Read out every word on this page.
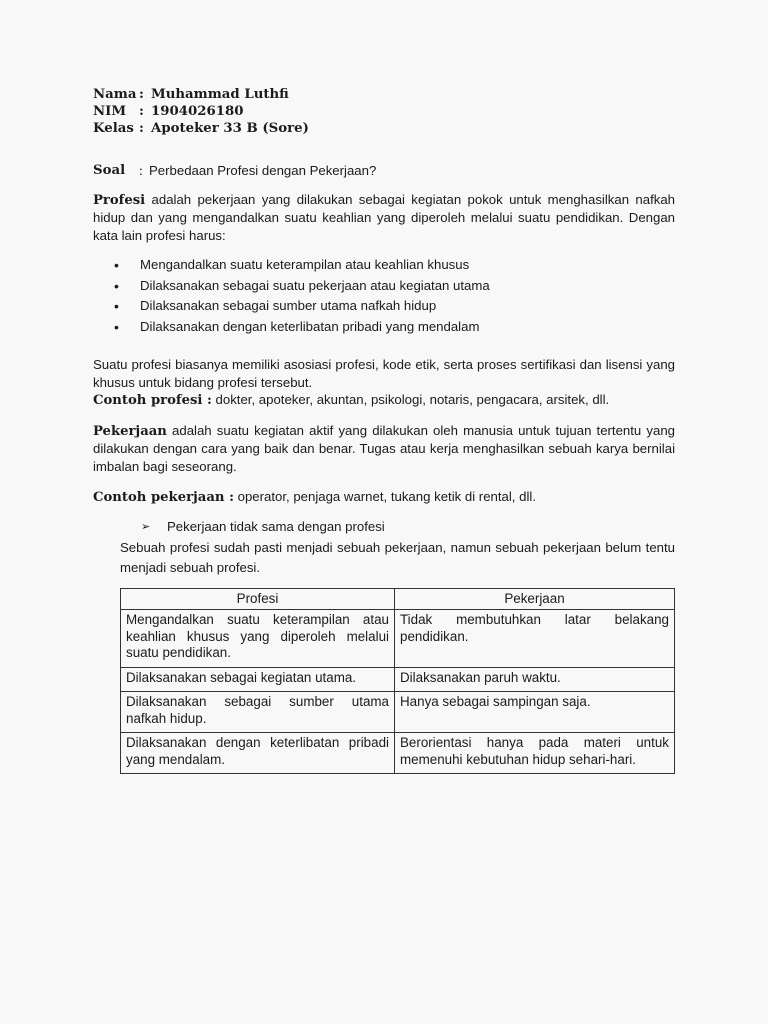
Nama : Muhammad Luthfi
NIM : 1904026180
Kelas : Apoteker 33 B (Sore)
Soal	: Perbedaan Profesi dengan Pekerjaan?

Profesi adalah pekerjaan yang dilakukan sebagai kegiatan pokok untuk menghasilkan nafkah hidup dan yang mengandalkan suatu keahlian yang diperoleh melalui suatu pendidikan. Dengan kata lain profesi harus:

• Mengandalkan suatu keterampilan atau keahlian khusus
• Dilaksanakan sebagai suatu pekerjaan atau kegiatan utama
• Dilaksanakan sebagai sumber utama nafkah hidup
• Dilaksanakan dengan keterlibatan pribadi yang mendalam

Suatu profesi biasanya memiliki asosiasi profesi, kode etik, serta proses sertifikasi dan lisensi yang khusus untuk bidang profesi tersebut.

Contoh profesi : dokter, apoteker, akuntan, psikologi, notaris, pengacara, arsitek, dll.

Pekerjaan adalah suatu kegiatan aktif yang dilakukan oleh manusia untuk tujuan tertentu yang dilakukan dengan cara yang baik dan benar. Tugas atau kerja menghasilkan sebuah karya bernilai imbalan bagi seseorang.

Contoh pekerjaan : operator, penjaga warnet, tukang ketik di rental, dll.
➢ Pekerjaan tidak sama dengan profesi

Sebuah profesi sudah pasti menjadi sebuah pekerjaan, namun sebuah pekerjaan belum tentu menjadi sebuah profesi.

Profesi	Pekerjaan
Mengandalkan suatu keterampilan atau keahlian khusus yang diperoleh melalui suatu pendidikan.	Tidak membutuhkan latar belakang pendidikan.
Dilaksanakan sebagai kegiatan utama.	Dilaksanakan paruh waktu.
Dilaksanakan sebagai sumber utama nafkah hidup.	Hanya sebagai sampingan saja.
Dilaksanakan dengan keterlibatan pribadi yang mendalam.	Berorientasi hanya pada materi untuk memenuhi kebutuhan hidup sehari-hari.
